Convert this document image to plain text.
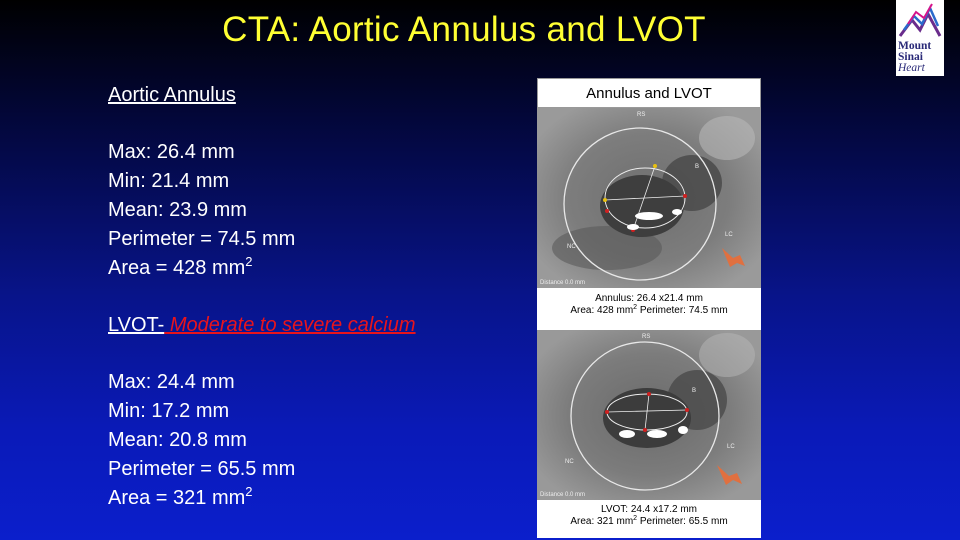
CTA: Aortic Annulus and LVOT	Mount
Sinai
Heart
Aortic Annulus
Max: 26.4 mm
Min: 21.4 mm
Mean: 23.9 mm
Perimeter = 74.5 mm
Area = 428 $mm^2$
LVOT- Moderate to severe calcium
Max: 24.4 mm
Min: 17.2 mm
Mean: 20.8 mm
Perimeter = 65.5 mm
Area = 321 $mm^2$
Annulus and LVOT
RS
B
NC
LC
Distance 0.0 mm
Annulus: 26.4 x21.4 mm
Area: 428 $mm^2$ Perimeter: 74.5 mm
RS
B
NC
LC
Distance 0.0 mm
LVOT: 24.4 x17.2 mm
Area: 321 $mm^2$ Perimeter: 65.5 mm
